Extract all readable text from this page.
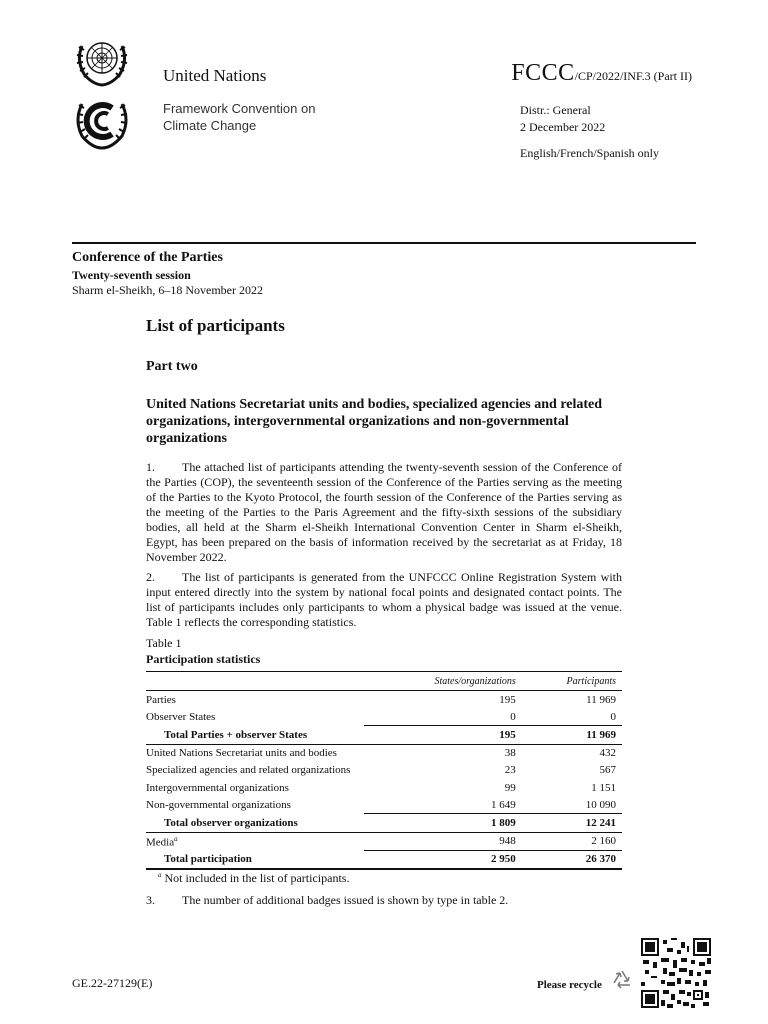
United Nations
Framework Convention on
Climate Change
FCCC/CP/2022/INF.3 (Part II)
Distr.: General
2 December 2022
English/French/Spanish only
Conference of the Parties
Twenty-seventh session
Sharm el-Sheikh, 6–18 November 2022
List of participants
Part two
United Nations Secretariat units and bodies, specialized agencies and related organizations, intergovernmental organizations and non-governmental organizations
1. The attached list of participants attending the twenty-seventh session of the Conference of the Parties (COP), the seventeenth session of the Conference of the Parties serving as the meeting of the Parties to the Kyoto Protocol, the fourth session of the Conference of the Parties serving as the meeting of the Parties to the Paris Agreement and the fifty-sixth sessions of the subsidiary bodies, all held at the Sharm el-Sheikh International Convention Center in Sharm el-Sheikh, Egypt, has been prepared on the basis of information received by the secretariat as at Friday, 18 November 2022.
2. The list of participants is generated from the UNFCCC Online Registration System with input entered directly into the system by national focal points and designated contact points. The list of participants includes only participants to whom a physical badge was issued at the venue. Table 1 reflects the corresponding statistics.
Table 1
Participation statistics
	States/organizations	Participants
Parties	195	11 969
Observer States	0	0
Total Parties + observer States	195	11 969
United Nations Secretariat units and bodies	38	432
Specialized agencies and related organizations	23	567
Intergovernmental organizations	99	1 151
Non-governmental organizations	1 649	10 090
Total observer organizations	1 809	12 241
Media$^a$	948	2 160
Total participation	2 950	26 370
$^a$ Not included in the list of participants.
3. The number of additional badges issued is shown by type in table 2.
GE.22-27129(E)	Please recycle
